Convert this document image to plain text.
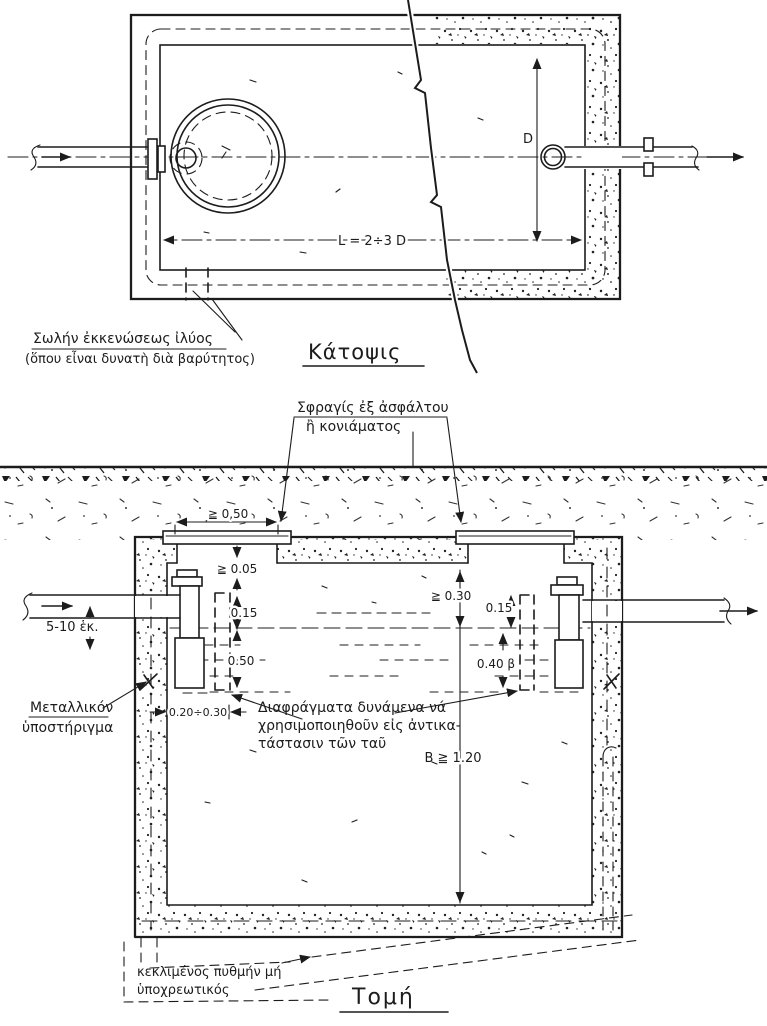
L = 2÷3 D
D
Σωλήν ἐκκενώσεως ἰλύος
(ὅπου εἶναι δυνατὴ διὰ βαρύτητος)	Κάτοψις
Σφραγίς ἐξ ἀσφάλτου
ἢ κονιάματος
≧ 0,50
≧ 0.05
5-10 ἑκ.
0.15
0.50
0.20÷0.30
≧ 0.30
B ≧ 1.20
0.15
0.40 β
Μεταλλικόν
ὑποστήριγμα
Διαφράγματα δυνάμενα νά
χρησιμοποιηθοῦν εἰς ἀντικα-
τάστασιν τῶν ταῦ
κεκλιμένος πυθμήν μή
ὑποχρεωτικός	Τομή
